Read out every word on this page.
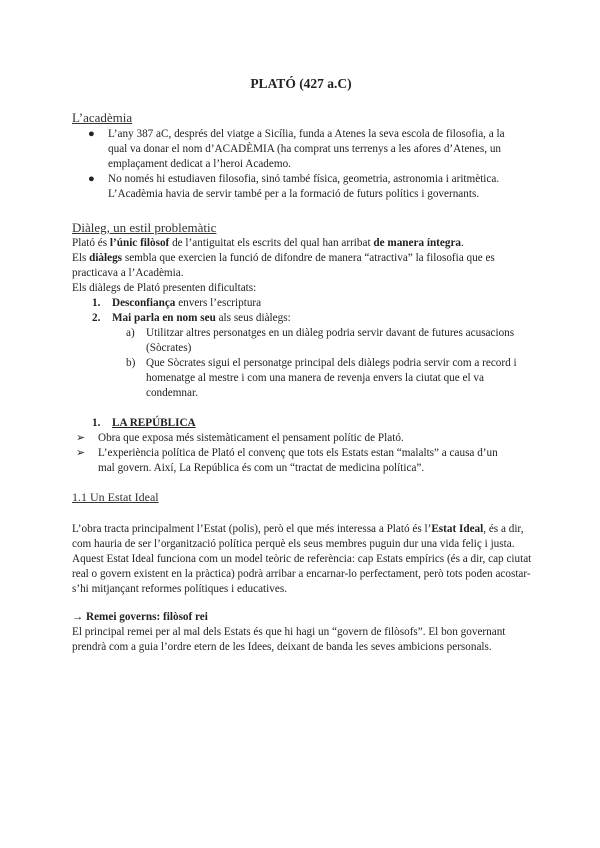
PLATÓ (427 a.C)
L’acadèmia
● L’any 387 aC, després del viatge a Sicília, funda a Atenes la seva escola de filosofia, a la qual va donar el nom d’ACADÈMIA (ha comprat uns terrenys a les afores d’Atenes, un emplaçament dedicat a l’heroi Academo.
● No només hi estudiaven filosofia, sinó també física, geometria, astronomia i aritmètica. L’Acadèmia havia de servir també per a la formació de futurs polítics i governants.
Diàleg, un estil problemàtic
Plató és l’únic filòsof de l’antiguitat els escrits del qual han arribat de manera íntegra.
Els diàlegs sembla que exercien la funció de difondre de manera “atractiva” la filosofia que es practicava a l’Acadèmia.
Els diàlegs de Plató presenten dificultats:
1. Desconfiança envers l’escriptura
2. Mai parla en nom seu als seus diàlegs:
a) Utilitzar altres personatges en un diàleg podria servir davant de futures acusacions (Sòcrates)
b) Que Sòcrates sigui el personatge principal dels diàlegs podria servir com a record i homenatge al mestre i com una manera de revenja envers la ciutat que el va condemnar.
1. LA REPÚBLICA
➢ Obra que exposa més sistemàticament el pensament polític de Plató.
➢ L’experiència política de Plató el convenç que tots els Estats estan “malalts” a causa d’un mal govern. Així, La República és com un “tractat de medicina política”.
1.1 Un Estat Ideal
L’obra tracta principalment l’Estat (polis), però el que més interessa a Plató és l’Estat Ideal, és a dir, com hauria de ser l’organització política perquè els seus membres puguin dur una vida feliç i justa. Aquest Estat Ideal funciona com un model teòric de referència: cap Estats empírics (és a dir, cap ciutat real o govern existent en la pràctica) podrà arribar a encarnar-lo perfectament, però tots poden acostar-s’hi mitjançant reformes polítiques i educatives.
→ Remei governs: filòsof rei
El principal remei per al mal dels Estats és que hi hagi un “govern de filòsofs”. El bon governant prendrà com a guia l’ordre etern de les Idees, deixant de banda les seves ambicions personals.
